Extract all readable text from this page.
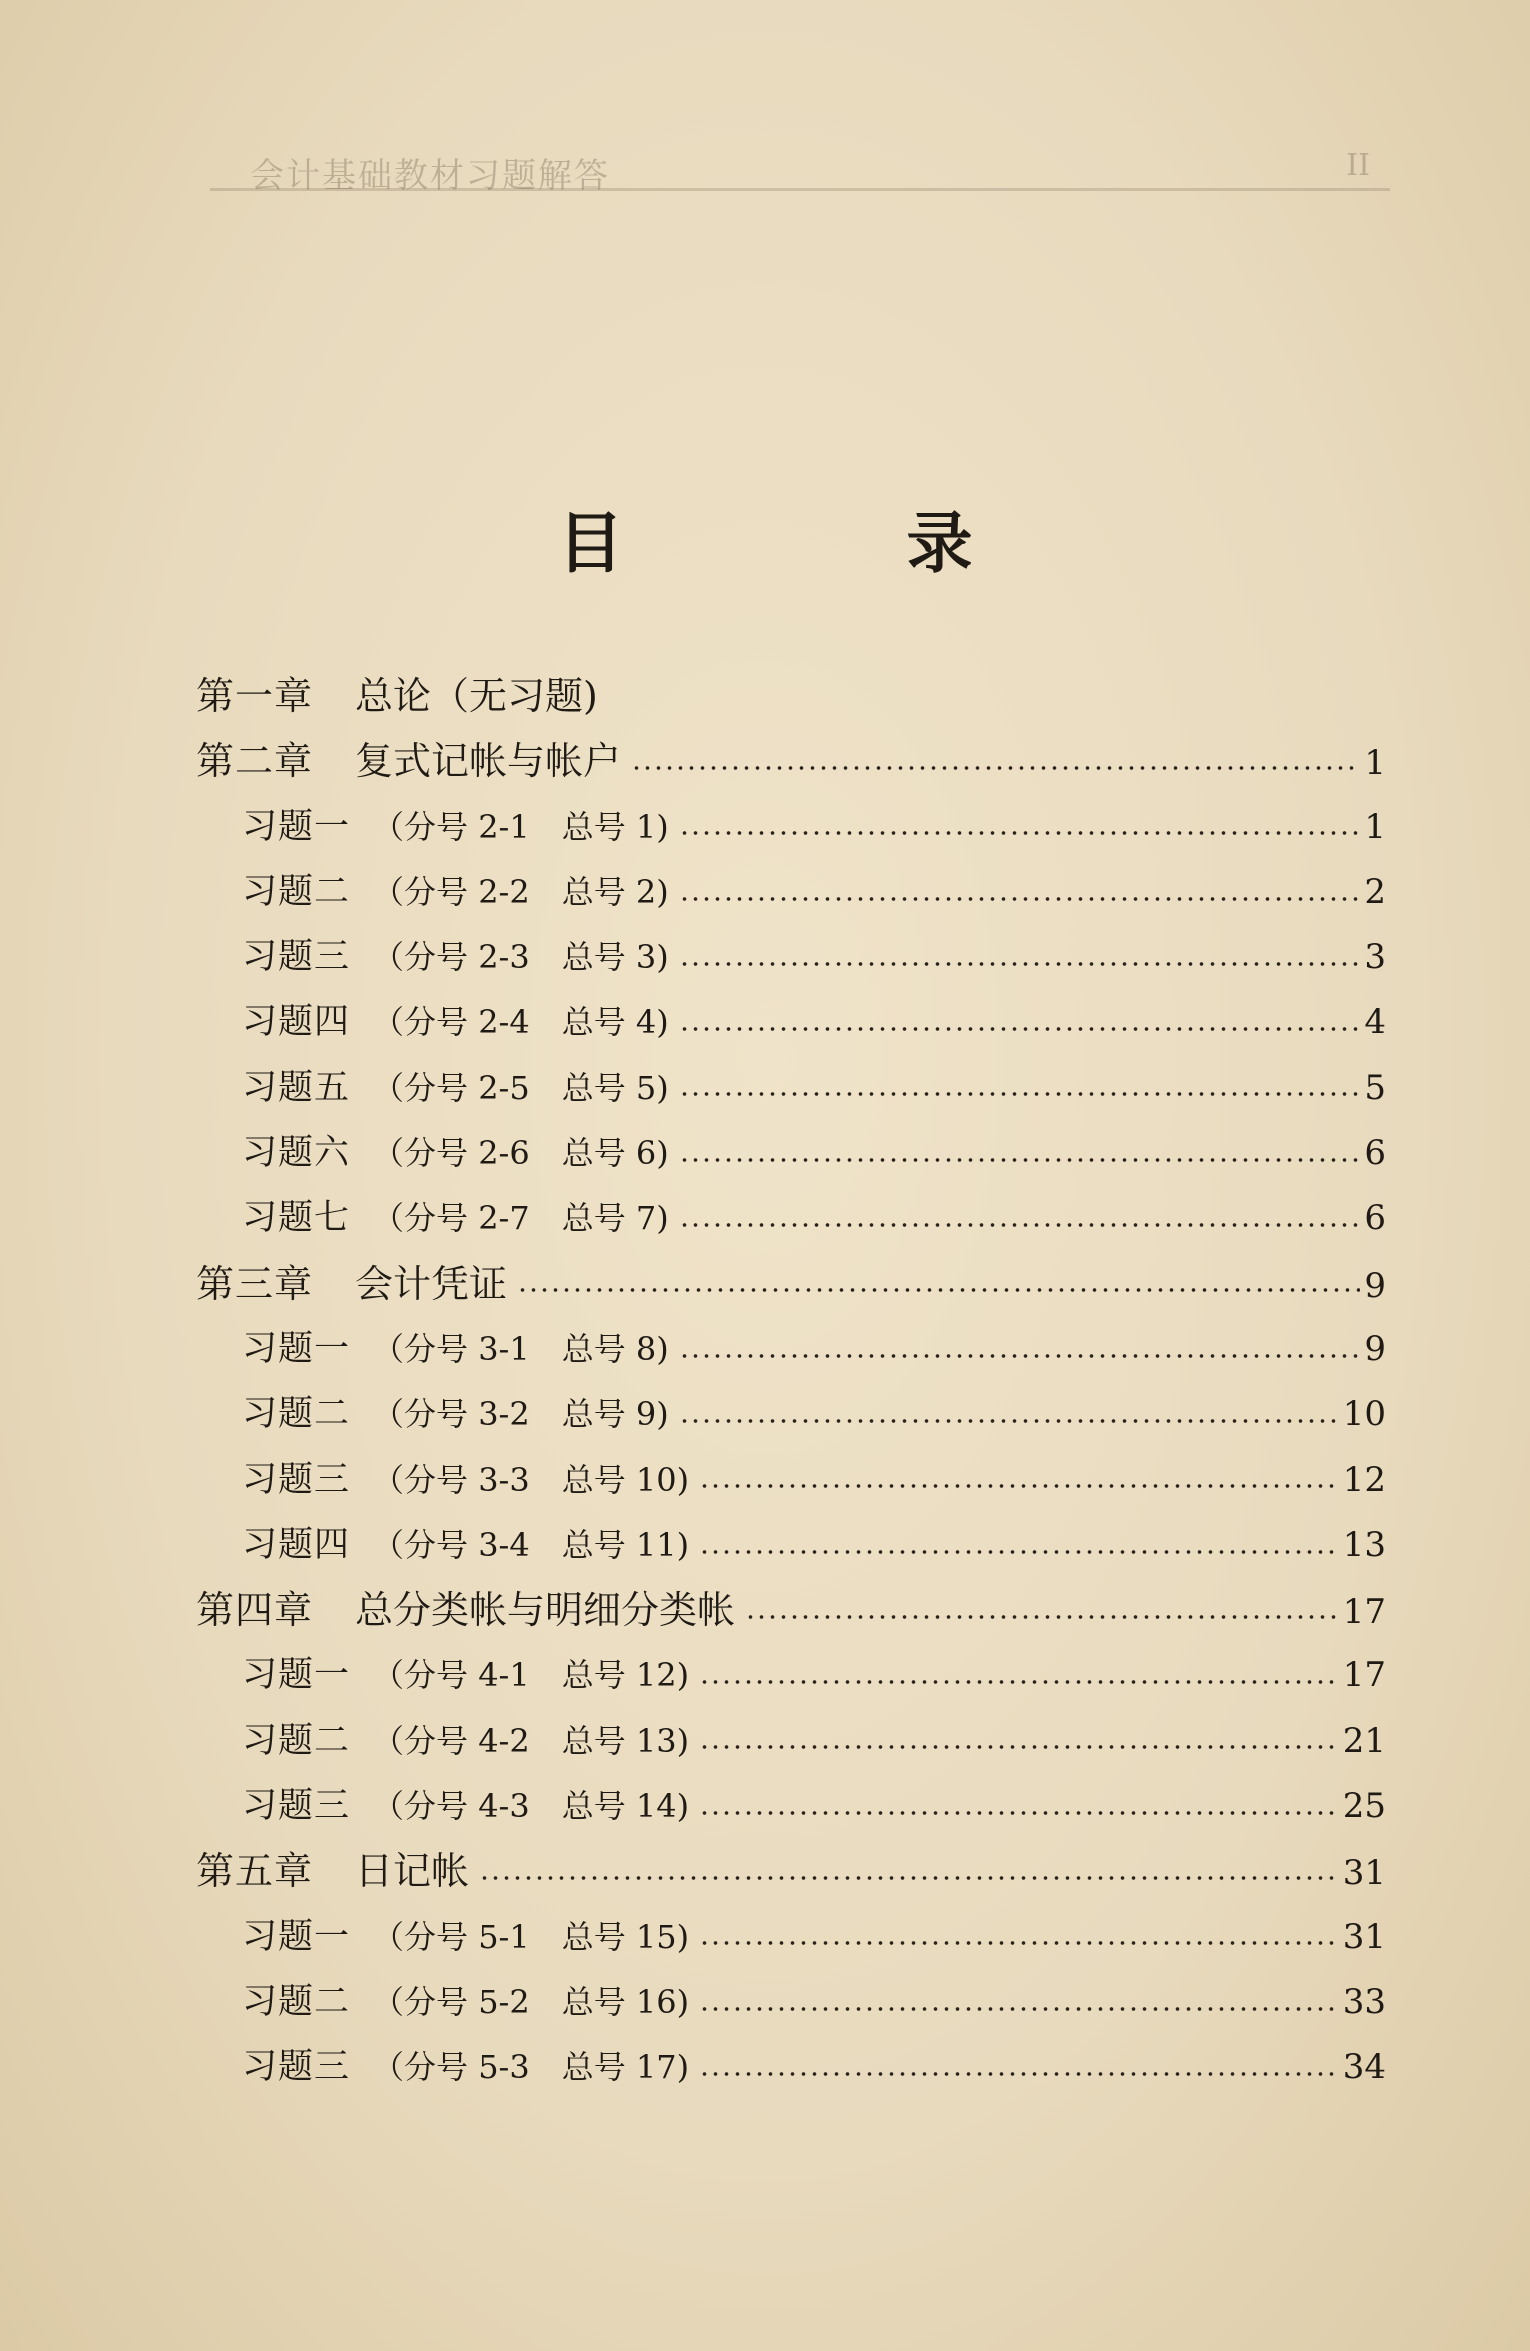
会计基础教材习题解答	II
目 录
第一章 总论（无习题)
第二章 复式记帐与帐户	1
习题一 （分号 2-1　总号 1)	1
习题二 （分号 2-2　总号 2)	2
习题三 （分号 2-3　总号 3)	3
习题四 （分号 2-4　总号 4)	4
习题五 （分号 2-5　总号 5)	5
习题六 （分号 2-6　总号 6)	6
习题七 （分号 2-7　总号 7)	6
第三章 会计凭证	9
习题一 （分号 3-1　总号 8)	9
习题二 （分号 3-2　总号 9)	10
习题三 （分号 3-3　总号 10)	12
习题四 （分号 3-4　总号 11)	13
第四章 总分类帐与明细分类帐	17
习题一 （分号 4-1　总号 12)	17
习题二 （分号 4-2　总号 13)	21
习题三 （分号 4-3　总号 14)	25
第五章 日记帐	31
习题一 （分号 5-1　总号 15)	31
习题二 （分号 5-2　总号 16)	33
习题三 （分号 5-3　总号 17)	34
